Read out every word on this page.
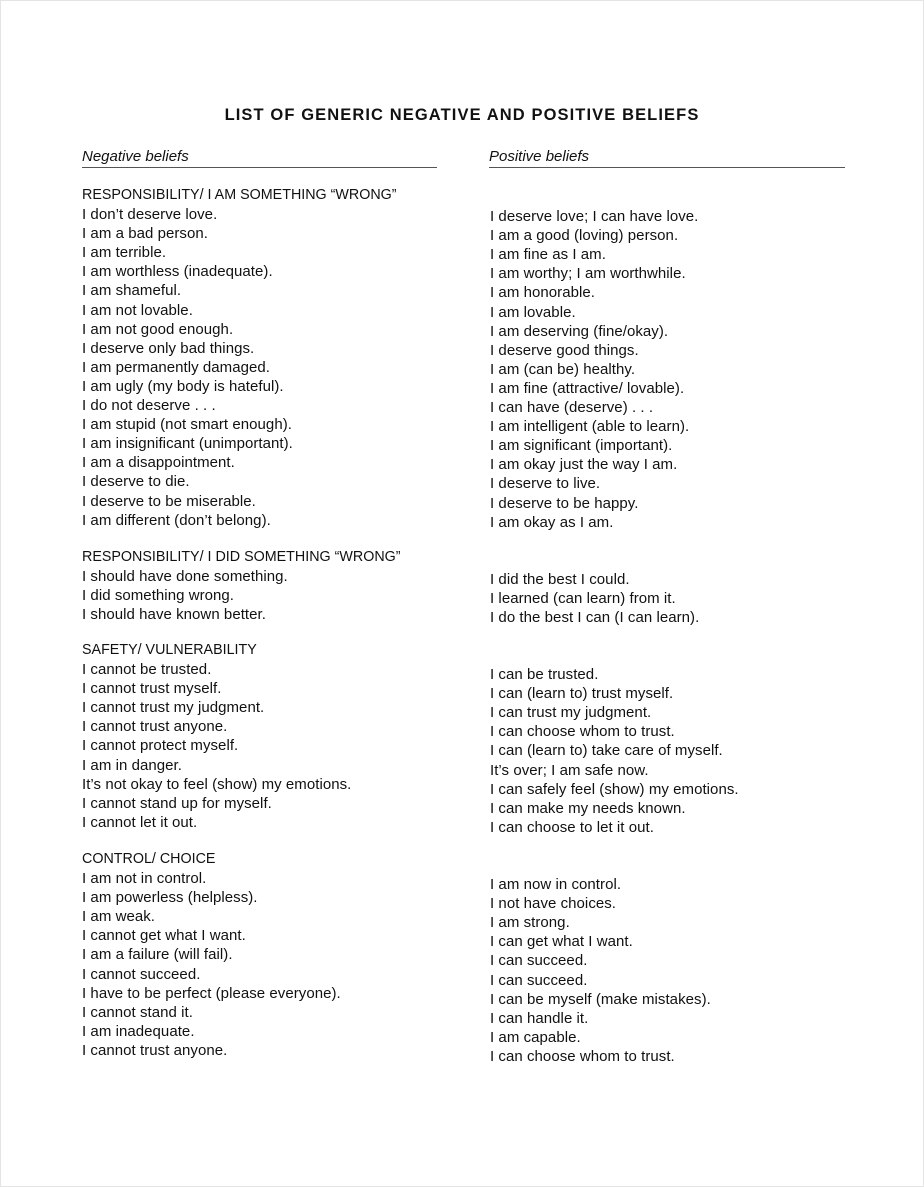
LIST OF GENERIC NEGATIVE AND POSITIVE BELIEFS
Negative beliefs	Positive beliefs
RESPONSIBILITY/ I AM SOMETHING “WRONG”
I don’t deserve love.
I am a bad person.
I am terrible.
I am worthless (inadequate).
I am shameful.
I am not lovable.
I am not good enough.
I deserve only bad things.
I am permanently damaged.
I am ugly (my body is hateful).
I do not deserve . . .
I am stupid (not smart enough).
I am insignificant (unimportant).
I am a disappointment.
I deserve to die.
I deserve to be miserable.
I am different (don’t belong).
RESPONSIBILITY/ I DID SOMETHING “WRONG”
I should have done something.
I did something wrong.
I should have known better.
SAFETY/ VULNERABILITY
I cannot be trusted.
I cannot trust myself.
I cannot trust my judgment.
I cannot trust anyone.
I cannot protect myself.
I am in danger.
It’s not okay to feel (show) my emotions.
I cannot stand up for myself.
I cannot let it out.
CONTROL/ CHOICE
I am not in control.
I am powerless (helpless).
I am weak.
I cannot get what I want.
I am a failure (will fail).
I cannot succeed.
I have to be perfect (please everyone).
I cannot stand it.
I am inadequate.
I cannot trust anyone.
I deserve love; I can have love.
I am a good (loving) person.
I am fine as I am.
I am worthy; I am worthwhile.
I am honorable.
I am lovable.
I am deserving (fine/okay).
I deserve good things.
I am (can be) healthy.
I am fine (attractive/ lovable).
I can have (deserve) . . .
I am intelligent (able to learn).
I am significant (important).
I am okay just the way I am.
I deserve to live.
I deserve to be happy.
I am okay as I am.
I did the best I could.
I learned (can learn) from it.
I do the best I can (I can learn).
I can be trusted.
I can (learn to) trust myself.
I can trust my judgment.
I can choose whom to trust.
I can (learn to) take care of myself.
It’s over; I am safe now.
I can safely feel (show) my emotions.
I can make my needs known.
I can choose to let it out.
I am now in control.
I not have choices.
I am strong.
I can get what I want.
I can succeed.
I can succeed.
I can be myself (make mistakes).
I can handle it.
I am capable.
I can choose whom to trust.
